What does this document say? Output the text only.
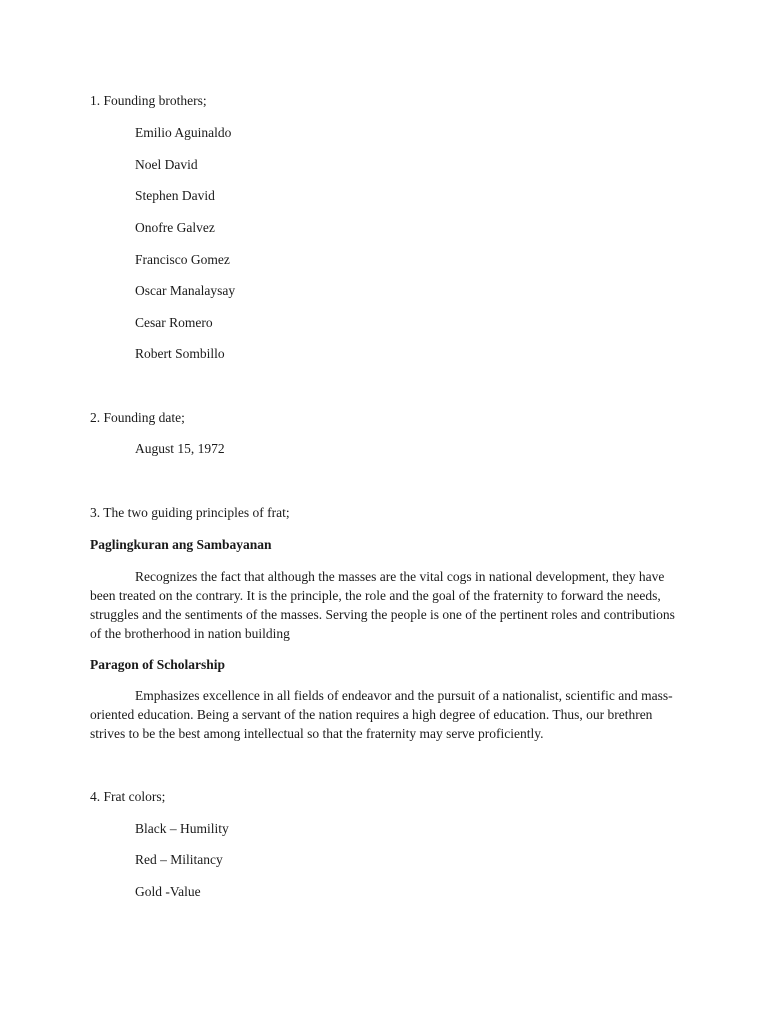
1. Founding brothers;
Emilio Aguinaldo
Noel David
Stephen David
Onofre Galvez
Francisco Gomez
Oscar Manalaysay
Cesar Romero
Robert Sombillo
2. Founding date;
August 15, 1972
3. The two guiding principles of frat;
Paglingkuran ang Sambayanan
Recognizes the fact that although the masses are the vital cogs in national development, they have been treated on the contrary. It is the principle, the role and the goal of the fraternity to forward the needs, struggles and the sentiments of the masses. Serving the people is one of the pertinent roles and contributions of the brotherhood in nation building
Paragon of Scholarship
Emphasizes excellence in all fields of endeavor and the pursuit of a nationalist, scientific and mass-oriented education. Being a servant of the nation requires a high degree of education. Thus, our brethren strives to be the best among intellectual so that the fraternity may serve proficiently.
4. Frat colors;
Black – Humility
Red – Militancy
Gold -Value
